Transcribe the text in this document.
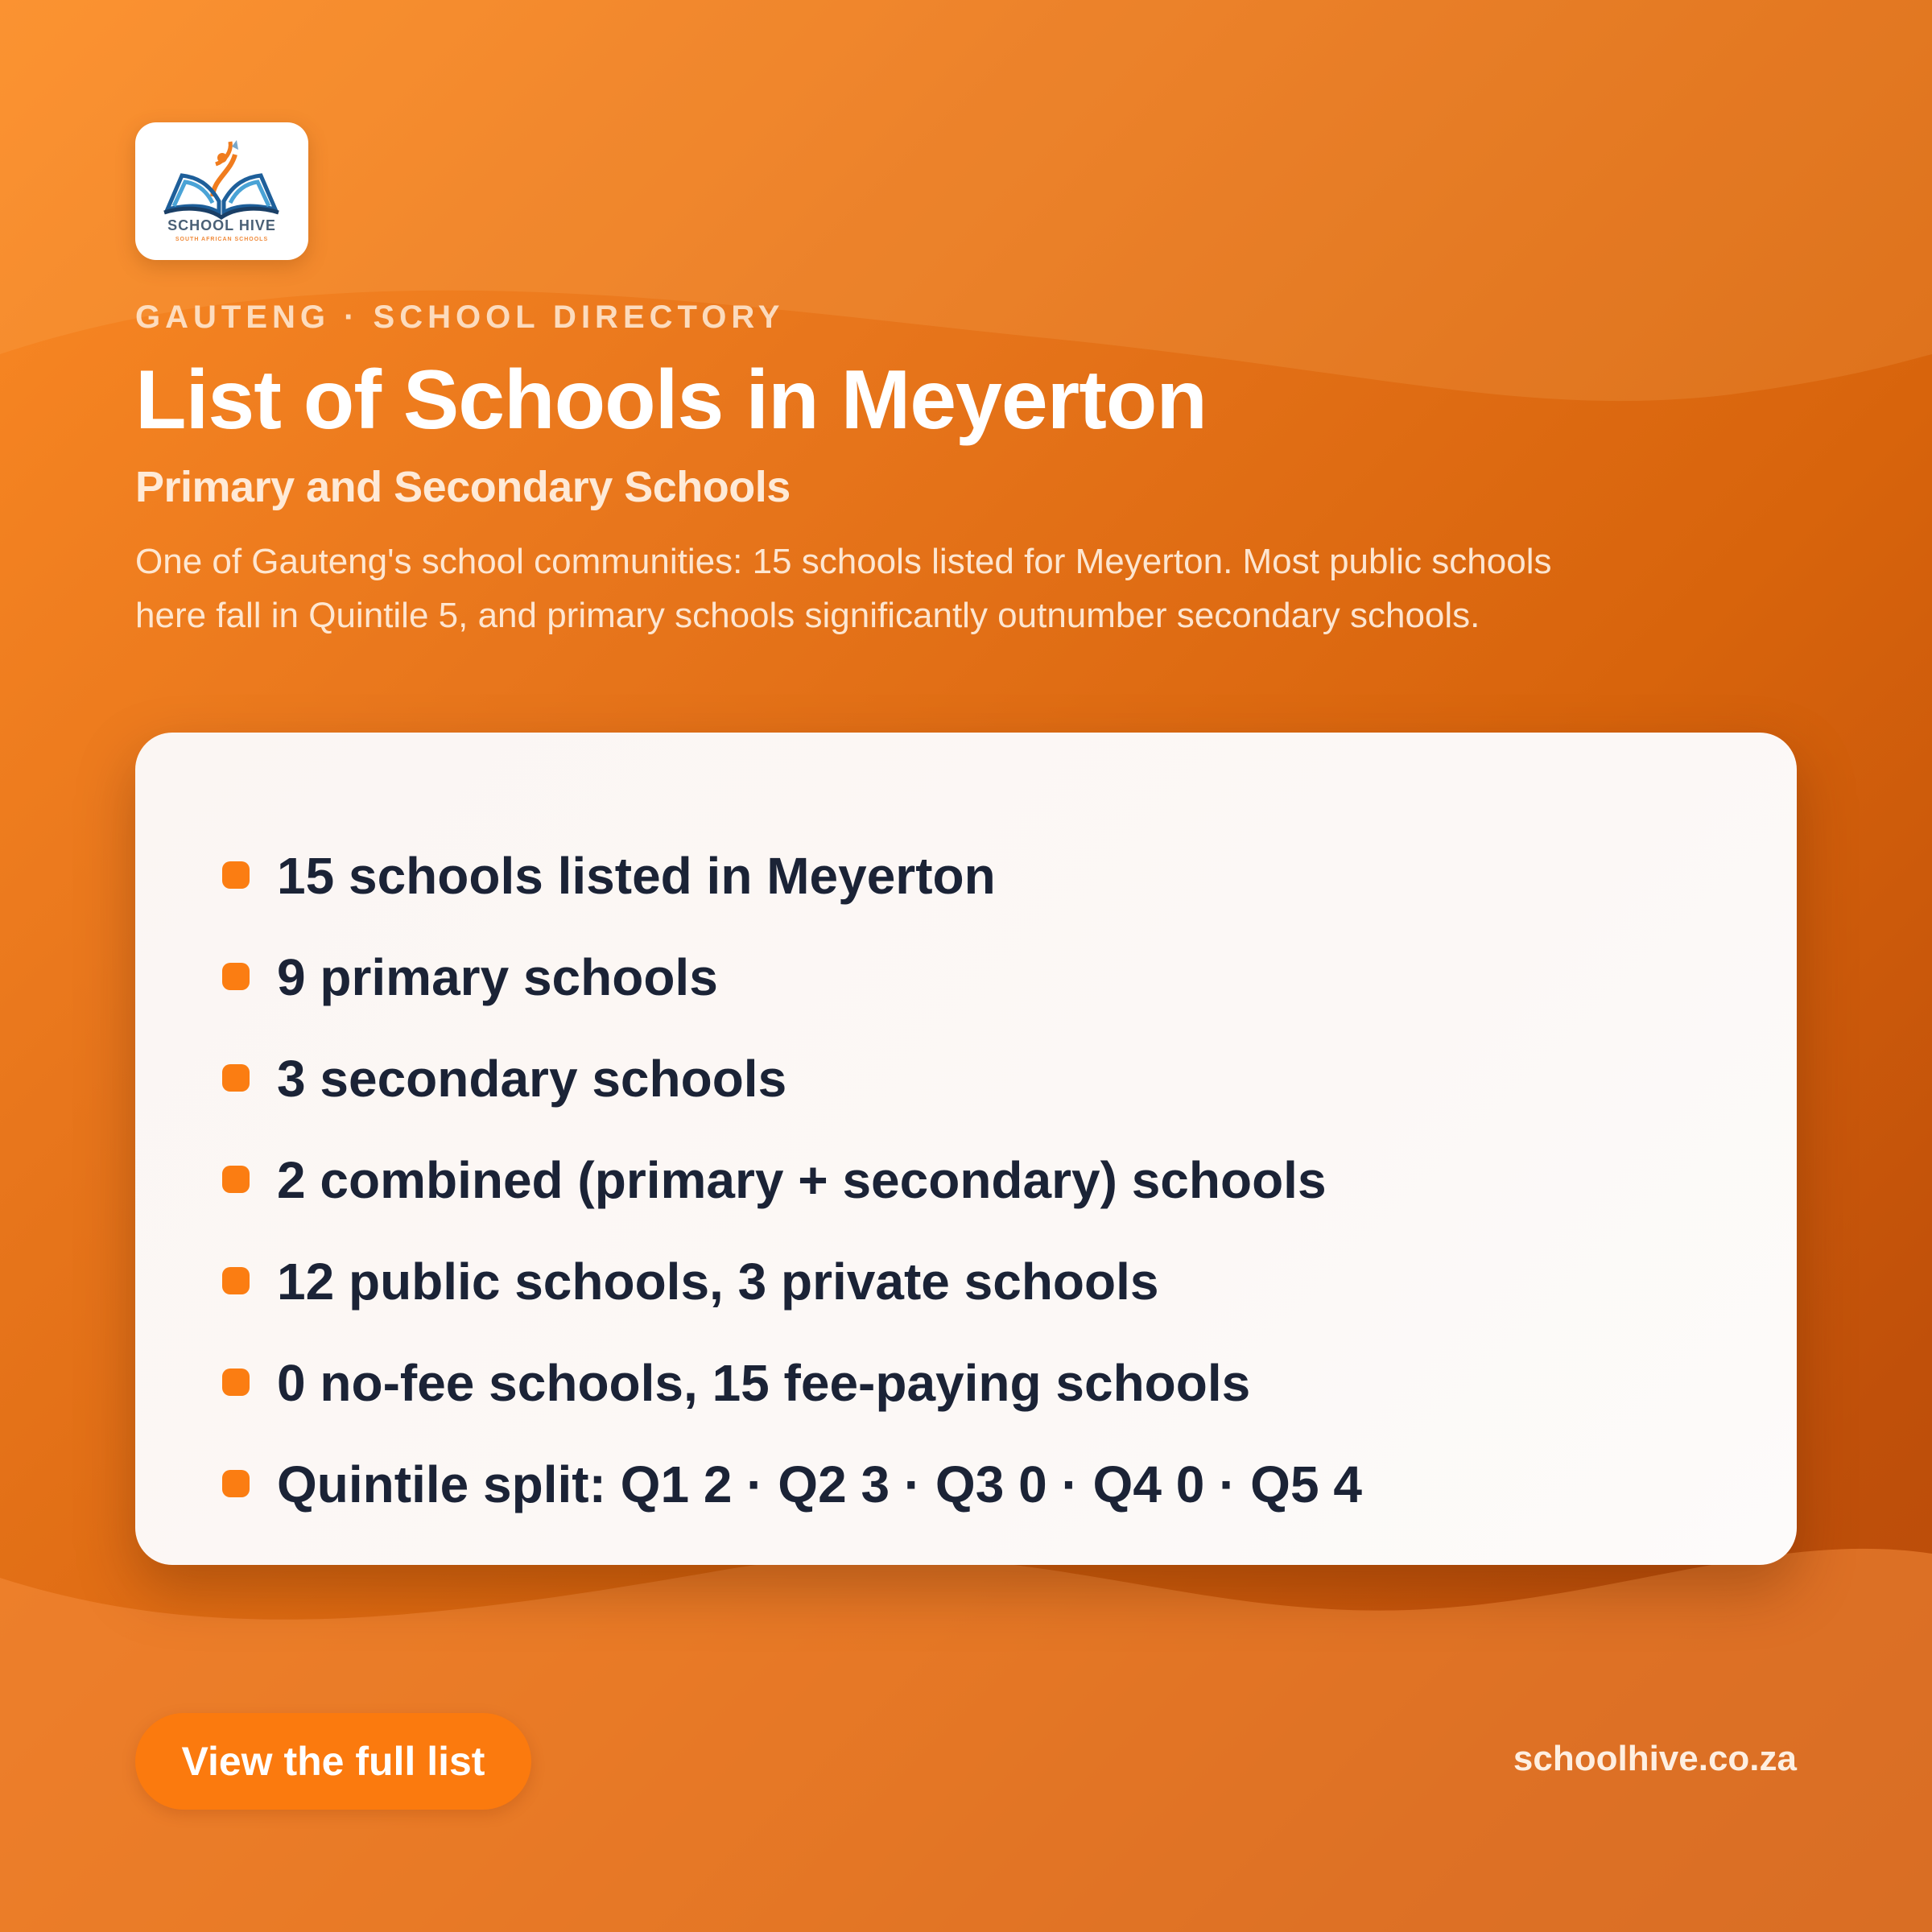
SCHOOL HIVE
SOUTH AFRICAN SCHOOLS
GAUTENG · SCHOOL DIRECTORY
List of Schools in Meyerton
Primary and Secondary Schools

One of Gauteng's school communities: 15 schools listed for Meyerton. Most public schools here fall in Quintile 5, and primary schools significantly outnumber secondary schools.

15 schools listed in Meyerton
9 primary schools
3 secondary schools
2 combined (primary + secondary) schools
12 public schools, 3 private schools
0 no-fee schools, 15 fee-paying schools
Quintile split: Q1 2 · Q2 3 · Q3 0 · Q4 0 · Q5 4
View the full list	schoolhive.co.za
